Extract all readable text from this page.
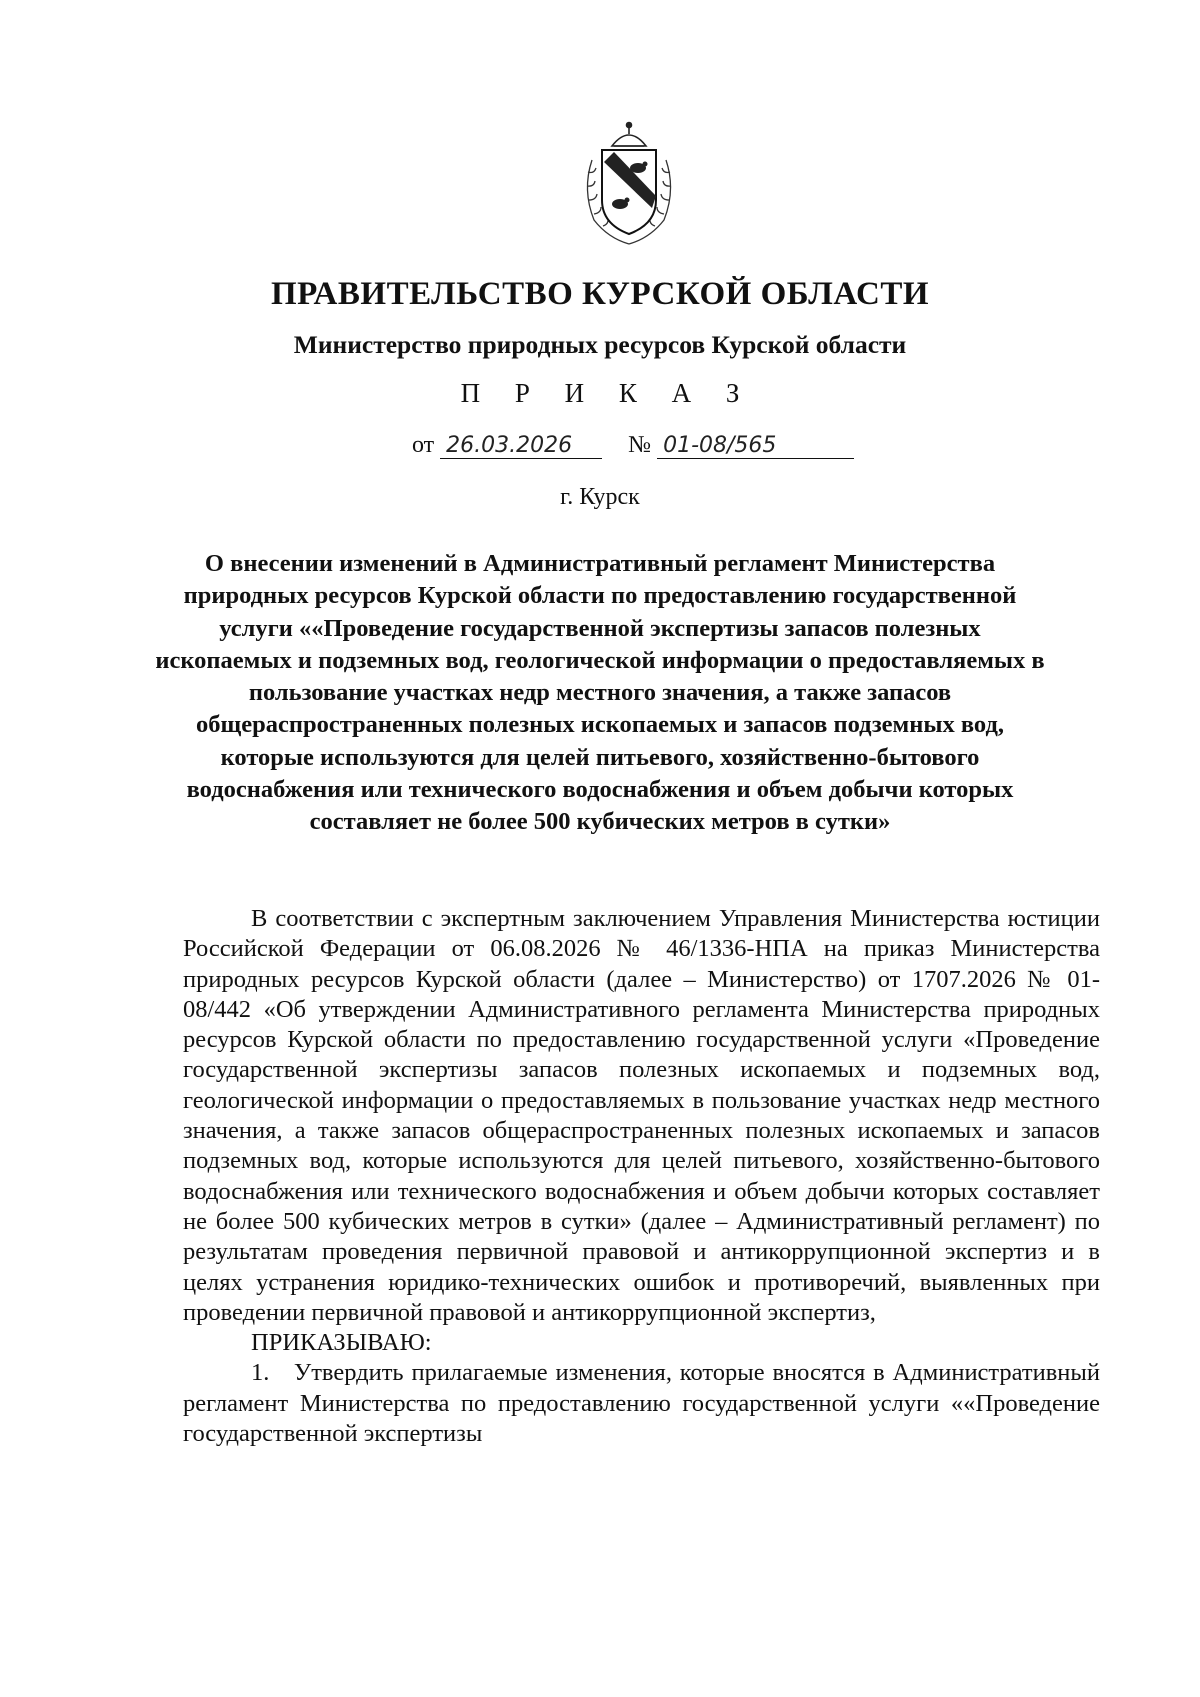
ПРАВИТЕЛЬСТВО КУРСКОЙ ОБЛАСТИ
Министерство природных ресурсов Курской области
П Р И К А З
от 26.03.2026 № 01-08/565
г. Курск
О внесении изменений в Административный регламент Министерства природных ресурсов Курской области по предоставлению государственной услуги ««Проведение государственной экспертизы запасов полезных ископаемых и подземных вод, геологической информации о предоставляемых в пользование участках недр местного значения, а также запасов общераспространенных полезных ископаемых и запасов подземных вод, которые используются для целей питьевого, хозяйственно-бытового водоснабжения или технического водоснабжения и объем добычи которых составляет не более 500 кубических метров в сутки»

В соответствии с экспертным заключением Управления Министерства юстиции Российской Федерации от 06.08.2026 № 46/1336-НПА на приказ Министерства природных ресурсов Курской области (далее – Министерство) от 1707.2026 № 01-08/442 «Об утверждении Административного регламента Министерства природных ресурсов Курской области по предоставлению государственной услуги «Проведение государственной экспертизы запасов полезных ископаемых и подземных вод, геологической информации о предоставляемых в пользование участках недр местного значения, а также запасов общераспространенных полезных ископаемых и запасов подземных вод, которые используются для целей питьевого, хозяйственно-бытового водоснабжения или технического водоснабжения и объем добычи которых составляет не более 500 кубических метров в сутки» (далее – Административный регламент) по результатам проведения первичной правовой и антикоррупционной экспертиз и в целях устранения юридико-технических ошибок и противоречий, выявленных при проведении первичной правовой и антикоррупционной экспертиз,

ПРИКАЗЫВАЮ:

1. Утвердить прилагаемые изменения, которые вносятся в Административный регламент Министерства по предоставлению государственной услуги ««Проведение государственной экспертизы
